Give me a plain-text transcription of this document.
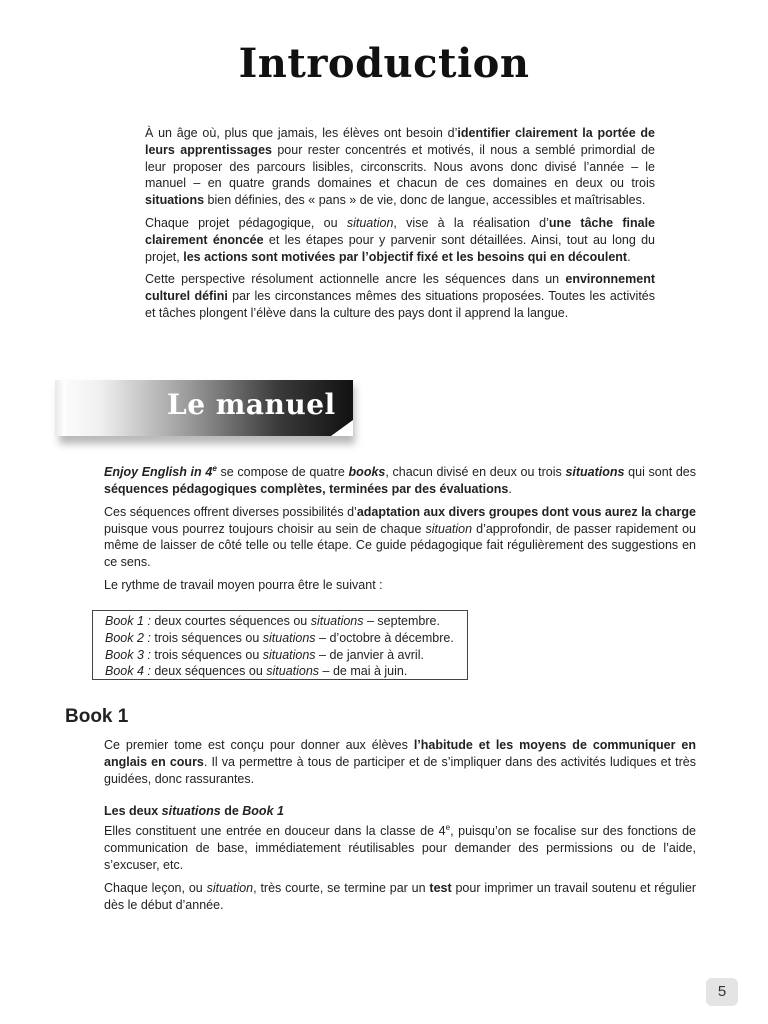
Introduction

À un âge où, plus que jamais, les élèves ont besoin d’identifier clairement la portée de leurs apprentissages pour rester concentrés et motivés, il nous a semblé primordial de leur proposer des parcours lisibles, circonscrits. Nous avons donc divisé l’année – le manuel – en quatre grands domaines et chacun de ces domaines en deux ou trois situations bien définies, des « pans » de vie, donc de langue, accessibles et maîtrisables.

Chaque projet pédagogique, ou situation, vise à la réalisation d’une tâche finale clairement énoncée et les étapes pour y parvenir sont détaillées. Ainsi, tout au long du projet, les actions sont motivées par l’objectif fixé et les besoins qui en découlent.

Cette perspective résolument actionnelle ancre les séquences dans un environnement culturel défini par les circonstances mêmes des situations proposées. Toutes les activités et tâches plongent l’élève dans la culture des pays dont il apprend la langue.

Le manuel

Enjoy English in 4e se compose de quatre books, chacun divisé en deux ou trois situations qui sont des séquences pédagogiques complètes, terminées par des évaluations.

Ces séquences offrent diverses possibilités d’adaptation aux divers groupes dont vous aurez la charge puisque vous pourrez toujours choisir au sein de chaque situation d’approfondir, de passer rapidement ou même de laisser de côté telle ou telle étape. Ce guide pédagogique fait régulièrement des suggestions en ce sens.

Le rythme de travail moyen pourra être le suivant :

Book 1 : deux courtes séquences ou situations – septembre.
Book 2 : trois séquences ou situations – d’octobre à décembre.
Book 3 : trois séquences ou situations – de janvier à avril.
Book 4 : deux séquences ou situations – de mai à juin.
Book 1

Ce premier tome est conçu pour donner aux élèves l’habitude et les moyens de communiquer en anglais en cours. Il va permettre à tous de participer et de s’impliquer dans des activités ludiques et très guidées, donc rassurantes.

Les deux situations de Book 1

Elles constituent une entrée en douceur dans la classe de 4e, puisqu’on se focalise sur des fonctions de communication de base, immédiatement réutilisables pour demander des permissions ou de l’aide, s’excuser, etc.

Chaque leçon, ou situation, très courte, se termine par un test pour imprimer un travail soutenu et régulier dès le début d’année.

5
